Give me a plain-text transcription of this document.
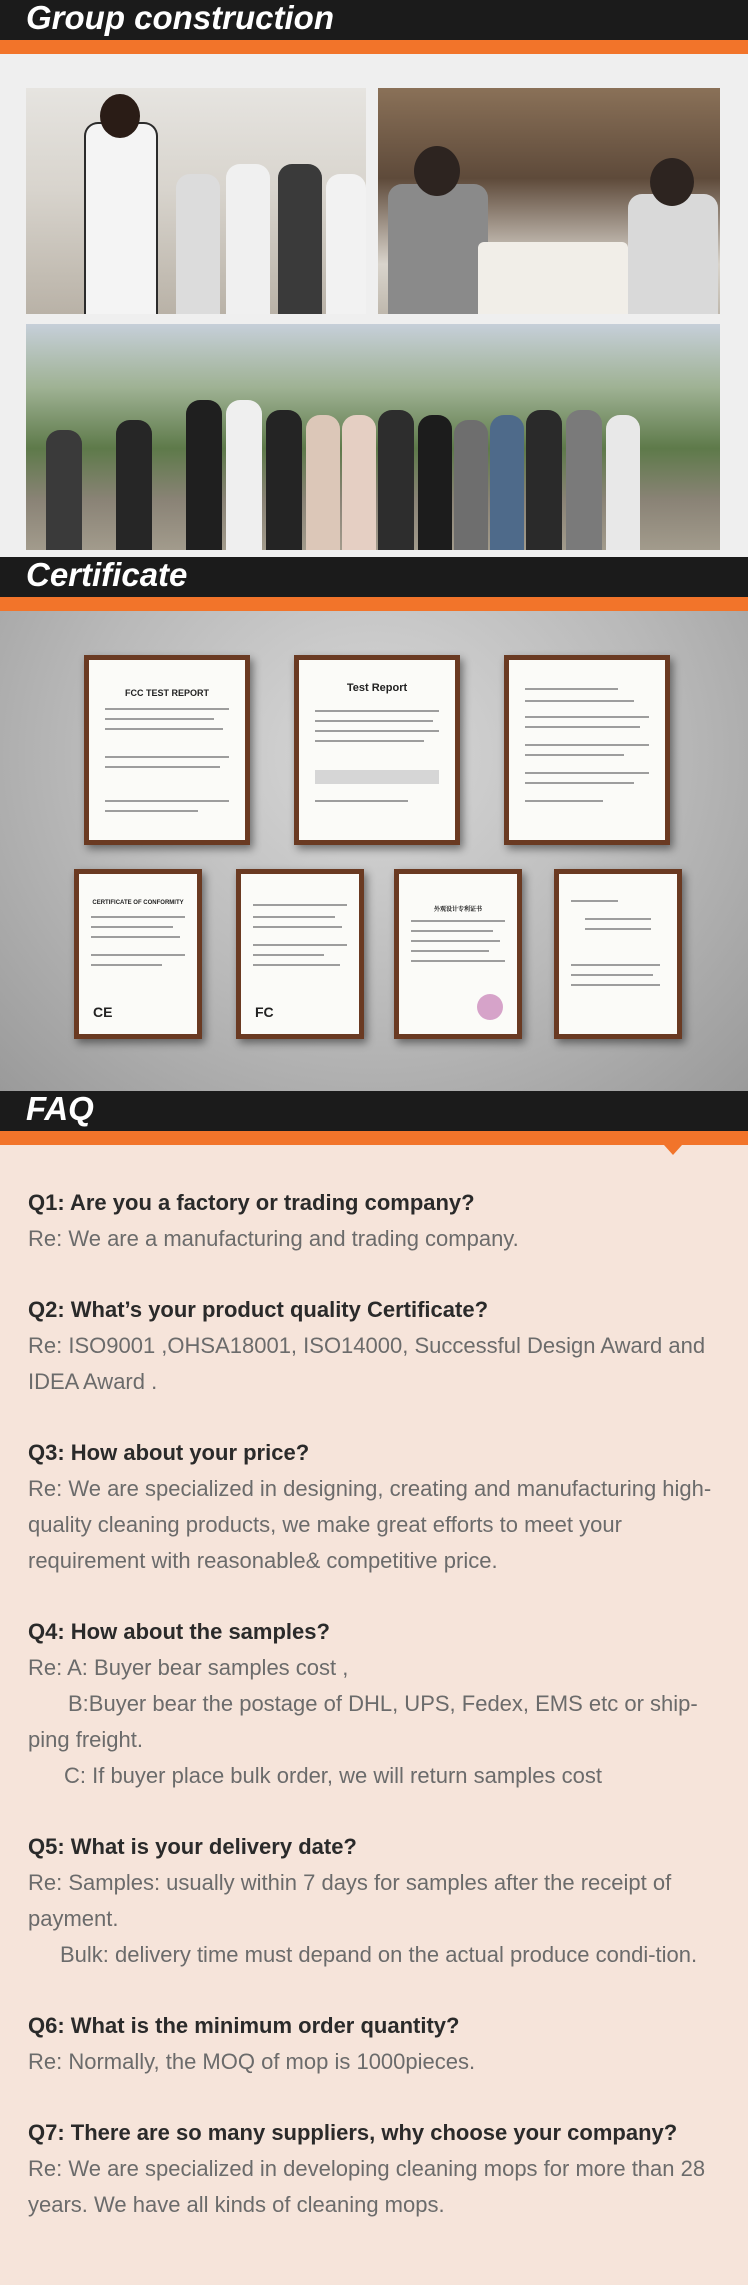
Group construction
Certificate
FCC TEST REPORT	Test Report
CERTIFICATE OF CONFORMITY
CE	FC
外观设计专利证书
FAQ

Q1: Are you a factory or trading company?

Re: We are a manufacturing and trading company.

Q2: What’s your product quality Certificate?

Re: ISO9001 ,OHSA18001, ISO14000, Successful Design Award and IDEA Award .

Q3: How about your price?

Re: We are specialized in designing, creating and manufacturing high-quality cleaning products, we make great efforts to meet your requirement with reasonable& competitive price.

Q4: How about the samples?

Re: A: Buyer bear samples cost ,

B:Buyer bear the postage of DHL, UPS, Fedex, EMS etc or ship-ping freight.

C: If buyer place bulk order, we will return samples cost

Q5: What is your delivery date?

Re: Samples: usually within 7 days for samples after the receipt of payment.

Bulk: delivery time must depand on the actual produce condi-tion.

Q6: What is the minimum order quantity?

Re: Normally, the MOQ of mop is 1000pieces.

Q7: There are so many suppliers, why choose your company?

Re: We are specialized in developing cleaning mops for more than 28 years. We have all kinds of cleaning mops.
